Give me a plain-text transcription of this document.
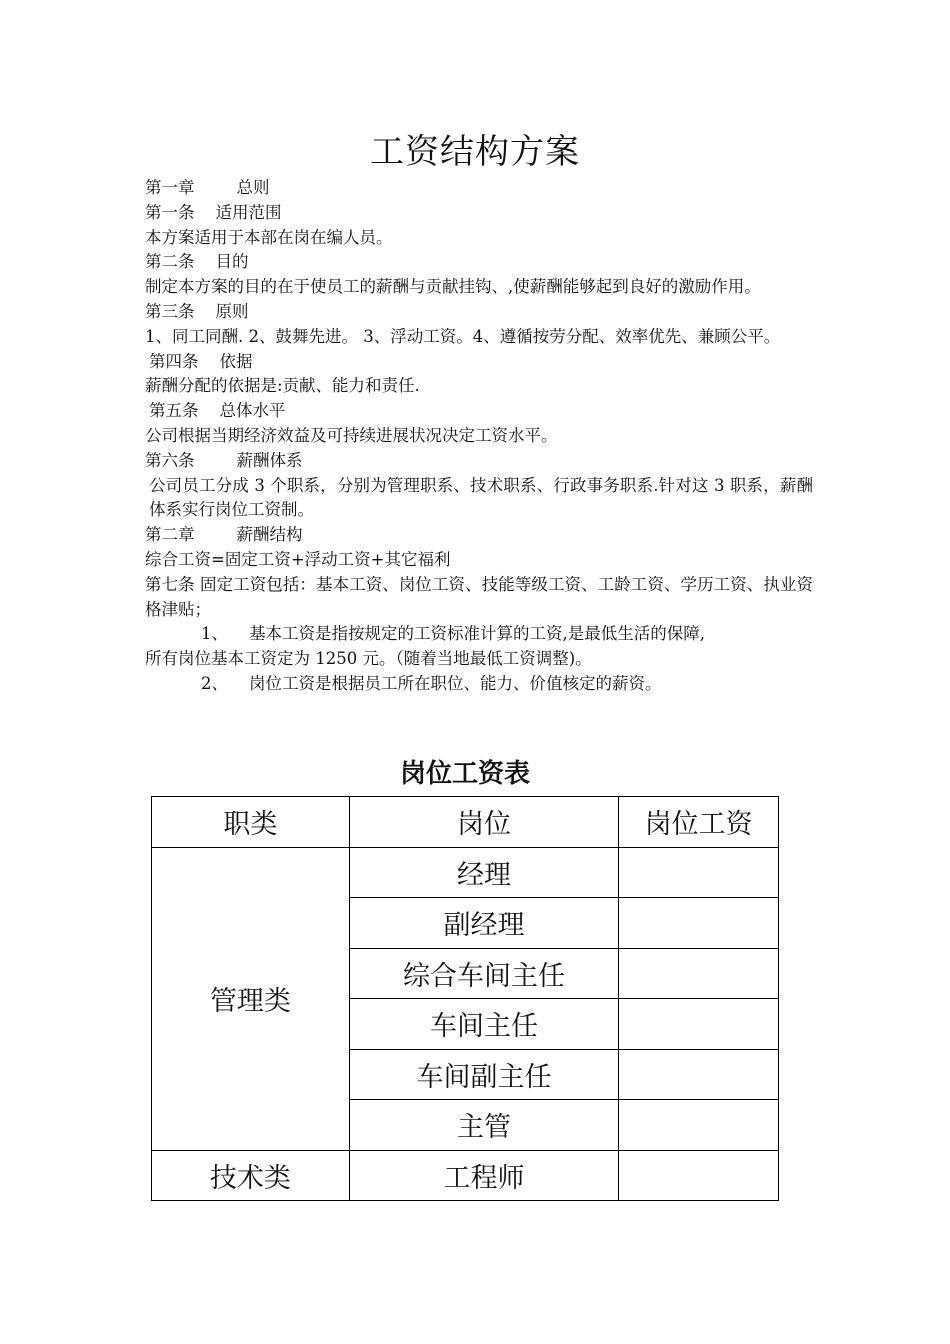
工资结构方案
第一章        总则
第一条    适用范围
本方案适用于本部在岗在编人员。
第二条    目的
制定本方案的目的在于使员工的薪酬与贡献挂钩、,使薪酬能够起到良好的激励作用。
第三条    原则
1、同工同酬. 2、鼓舞先进。 3、浮动工资。4、遵循按劳分配、效率优先、兼顾公平。
第四条    依据
薪酬分配的依据是:贡献、能力和责任.
第五条    总体水平
公司根据当期经济效益及可持续进展状况决定工资水平。
第六条        薪酬体系
公司员工分成 3 个职系，分别为管理职系、技术职系、行政事务职系.针对这 3 职系，薪酬体系实行岗位工资制。
第二章        薪酬结构
综合工资=固定工资+浮动工资+其它福利
第七条 固定工资包括：基本工资、岗位工资、技能等级工资、工龄工资、学历工资、执业资格津贴；
1、    基本工资是指按规定的工资标准计算的工资,是最低生活的保障,
所有岗位基本工资定为 1250 元。（随着当地最低工资调整)。
2、    岗位工资是根据员工所在职位、能力、价值核定的薪资。
岗位工资表
职类	岗位	岗位工资
管理类	经理	
	副经理	
	综合车间主任	
	车间主任	
	车间副主任	
	主管	
技术类	工程师	
